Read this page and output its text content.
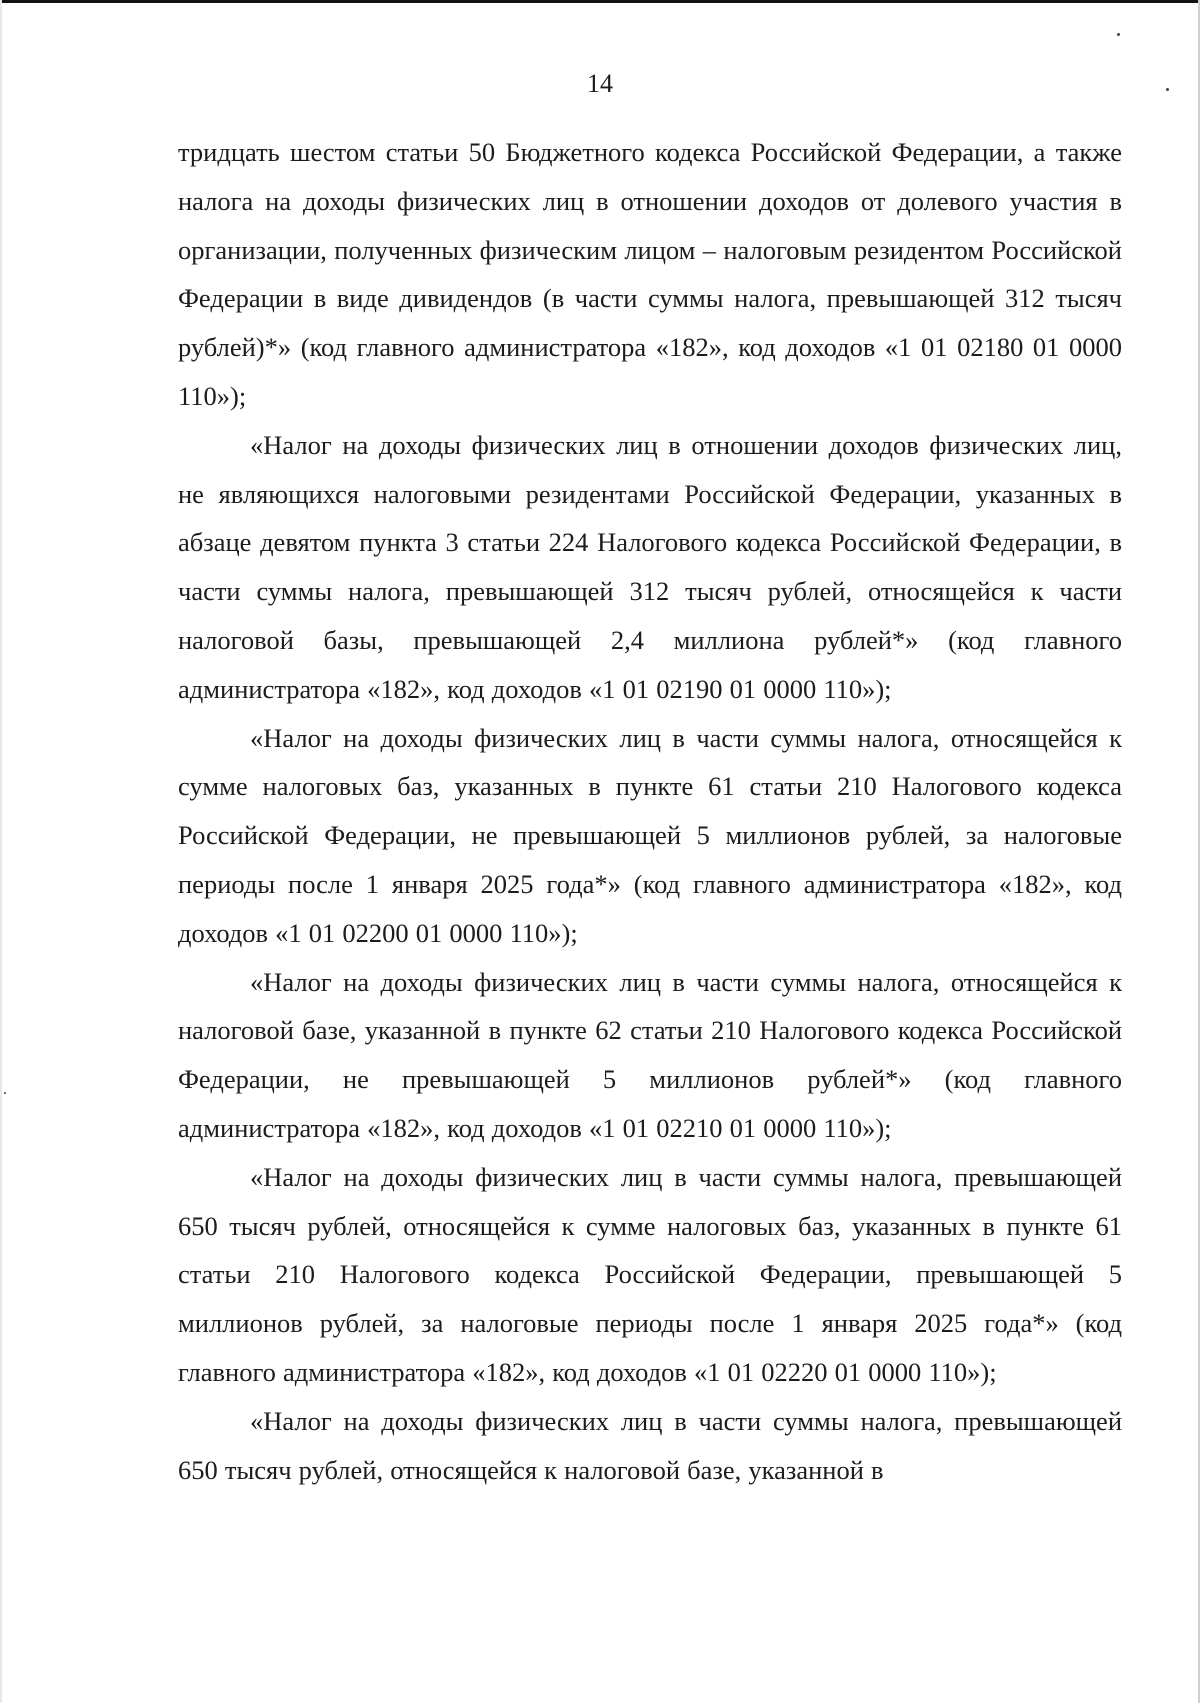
14

тридцать шестом статьи 50 Бюджетного кодекса Российской Федерации, а также налога на доходы физических лиц в отношении доходов от долевого участия в организации, полученных физическим лицом – налоговым резидентом Российской Федерации в виде дивидендов (в части суммы налога, превышающей 312 тысяч рублей)*» (код главного администратора «182», код доходов «1 01 02180 01 0000 110»);

«Налог на доходы физических лиц в отношении доходов физических лиц, не являющихся налоговыми резидентами Российской Федерации, указанных в абзаце девятом пункта 3 статьи 224 Налогового кодекса Российской Федерации, в части суммы налога, превышающей 312 тысяч рублей, относящейся к части налоговой базы, превышающей 2,4 миллиона рублей*» (код главного администратора «182», код доходов «1 01 02190 01 0000 110»);

«Налог на доходы физических лиц в части суммы налога, относящейся к сумме налоговых баз, указанных в пункте 61 статьи 210 Налогового кодекса Российской Федерации, не превышающей 5 миллионов рублей, за налоговые периоды после 1 января 2025 года*» (код главного администратора «182», код доходов «1 01 02200 01 0000 110»);

«Налог на доходы физических лиц в части суммы налога, относящейся к налоговой базе, указанной в пункте 62 статьи 210 Налогового кодекса Российской Федерации, не превышающей 5 миллионов рублей*» (код главного администратора «182», код доходов «1 01 02210 01 0000 110»);

«Налог на доходы физических лиц в части суммы налога, превышающей 650 тысяч рублей, относящейся к сумме налоговых баз, указанных в пункте 61 статьи 210 Налогового кодекса Российской Федерации, превышающей 5 миллионов рублей, за налоговые периоды после 1 января 2025 года*» (код главного администратора «182», код доходов «1 01 02220 01 0000 110»);

«Налог на доходы физических лиц в части суммы налога, превышающей 650 тысяч рублей, относящейся к налоговой базе, указанной в
